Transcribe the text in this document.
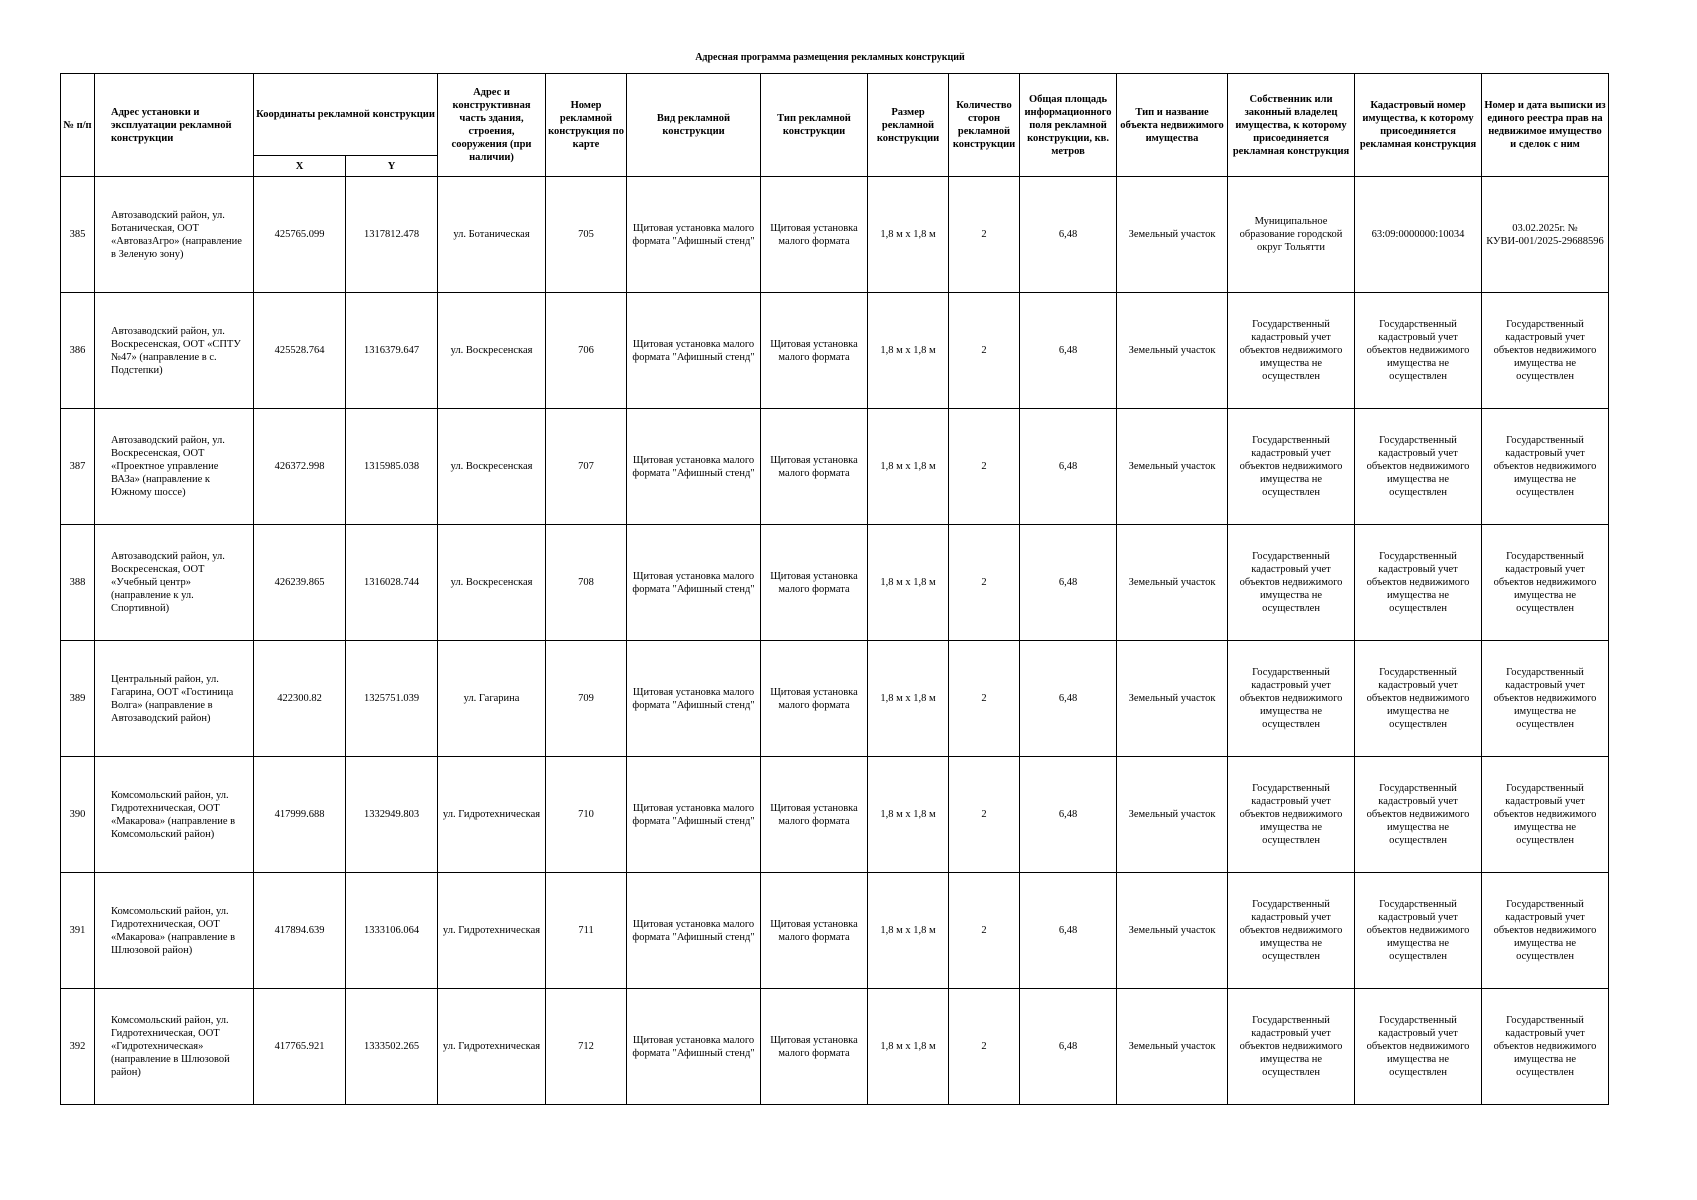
Адресная программа размещения рекламных конструкций
№ п/п	Адрес установки и эксплуатации рекламной конструкции	Координаты рекламной конструкции		Адрес и конструктивная часть здания, строения, сооружения (при наличии)	Номер рекламной конструкция по карте	Вид рекламной конструкции	Тип рекламной конструкции	Размер рекламной конструкции	Количество сторон рекламной конструкции	Общая площадь информационного поля рекламной конструкции, кв. метров	Тип и название объекта недвижимого имущества	Собственник или законный владелец имущества, к которому присоединяется рекламная конструкция	Кадастровый номер имущества, к которому присоединяется рекламная конструкция	Номер и дата выписки из единого реестра прав на недвижимое имущество и сделок с ним
		X	Y											
385	Автозаводский район, ул. Ботаническая, ООТ «АвтовазАгро» (направление в Зеленую зону)	425765.099	1317812.478	ул. Ботаническая	705	Щитовая установка малого формата "Афишный стенд"	Щитовая установка малого формата	1,8 м х 1,8 м	2	6,48	Земельный участок	Муниципальное образование городской округ Тольятти	63:09:0000000:10034	03.02.2025г. № КУВИ-001/2025-29688596
386	Автозаводский район, ул. Воскресенская, ООТ «СПТУ №47» (направление в с. Подстепки)	425528.764	1316379.647	ул. Воскресенская	706	Щитовая установка малого формата "Афишный стенд"	Щитовая установка малого формата	1,8 м х 1,8 м	2	6,48	Земельный участок	Государственный кадастровый учет объектов недвижимого имущества не осуществлен	Государственный кадастровый учет объектов недвижимого имущества не осуществлен	Государственный кадастровый учет объектов недвижимого имущества не осуществлен
387	Автозаводский район, ул. Воскресенская, ООТ «Проектное управление ВАЗа» (направление к Южному шоссе)	426372.998	1315985.038	ул. Воскресенская	707	Щитовая установка малого формата "Афишный стенд"	Щитовая установка малого формата	1,8 м х 1,8 м	2	6,48	Земельный участок	Государственный кадастровый учет объектов недвижимого имущества не осуществлен	Государственный кадастровый учет объектов недвижимого имущества не осуществлен	Государственный кадастровый учет объектов недвижимого имущества не осуществлен
388	Автозаводский район, ул. Воскресенская, ООТ «Учебный центр» (направление к ул. Спортивной)	426239.865	1316028.744	ул. Воскресенская	708	Щитовая установка малого формата "Афишный стенд"	Щитовая установка малого формата	1,8 м х 1,8 м	2	6,48	Земельный участок	Государственный кадастровый учет объектов недвижимого имущества не осуществлен	Государственный кадастровый учет объектов недвижимого имущества не осуществлен	Государственный кадастровый учет объектов недвижимого имущества не осуществлен
389	Центральный район, ул. Гагарина, ООТ «Гостиница Волга» (направление в Автозаводский район)	422300.82	1325751.039	ул. Гагарина	709	Щитовая установка малого формата "Афишный стенд"	Щитовая установка малого формата	1,8 м х 1,8 м	2	6,48	Земельный участок	Государственный кадастровый учет объектов недвижимого имущества не осуществлен	Государственный кадастровый учет объектов недвижимого имущества не осуществлен	Государственный кадастровый учет объектов недвижимого имущества не осуществлен
390	Комсомольский район, ул. Гидротехническая, ООТ «Макарова» (направление в Комсомольский район)	417999.688	1332949.803	ул. Гидротехническая	710	Щитовая установка малого формата "Афишный стенд"	Щитовая установка малого формата	1,8 м х 1,8 м	2	6,48	Земельный участок	Государственный кадастровый учет объектов недвижимого имущества не осуществлен	Государственный кадастровый учет объектов недвижимого имущества не осуществлен	Государственный кадастровый учет объектов недвижимого имущества не осуществлен
391	Комсомольский район, ул. Гидротехническая, ООТ «Макарова» (направление в Шлюзовой район)	417894.639	1333106.064	ул. Гидротехническая	711	Щитовая установка малого формата "Афишный стенд"	Щитовая установка малого формата	1,8 м х 1,8 м	2	6,48	Земельный участок	Государственный кадастровый учет объектов недвижимого имущества не осуществлен	Государственный кадастровый учет объектов недвижимого имущества не осуществлен	Государственный кадастровый учет объектов недвижимого имущества не осуществлен
392	Комсомольский район, ул. Гидротехническая, ООТ «Гидротехническая» (направление в Шлюзовой район)	417765.921	1333502.265	ул. Гидротехническая	712	Щитовая установка малого формата "Афишный стенд"	Щитовая установка малого формата	1,8 м х 1,8 м	2	6,48	Земельный участок	Государственный кадастровый учет объектов недвижимого имущества не осуществлен	Государственный кадастровый учет объектов недвижимого имущества не осуществлен	Государственный кадастровый учет объектов недвижимого имущества не осуществлен
